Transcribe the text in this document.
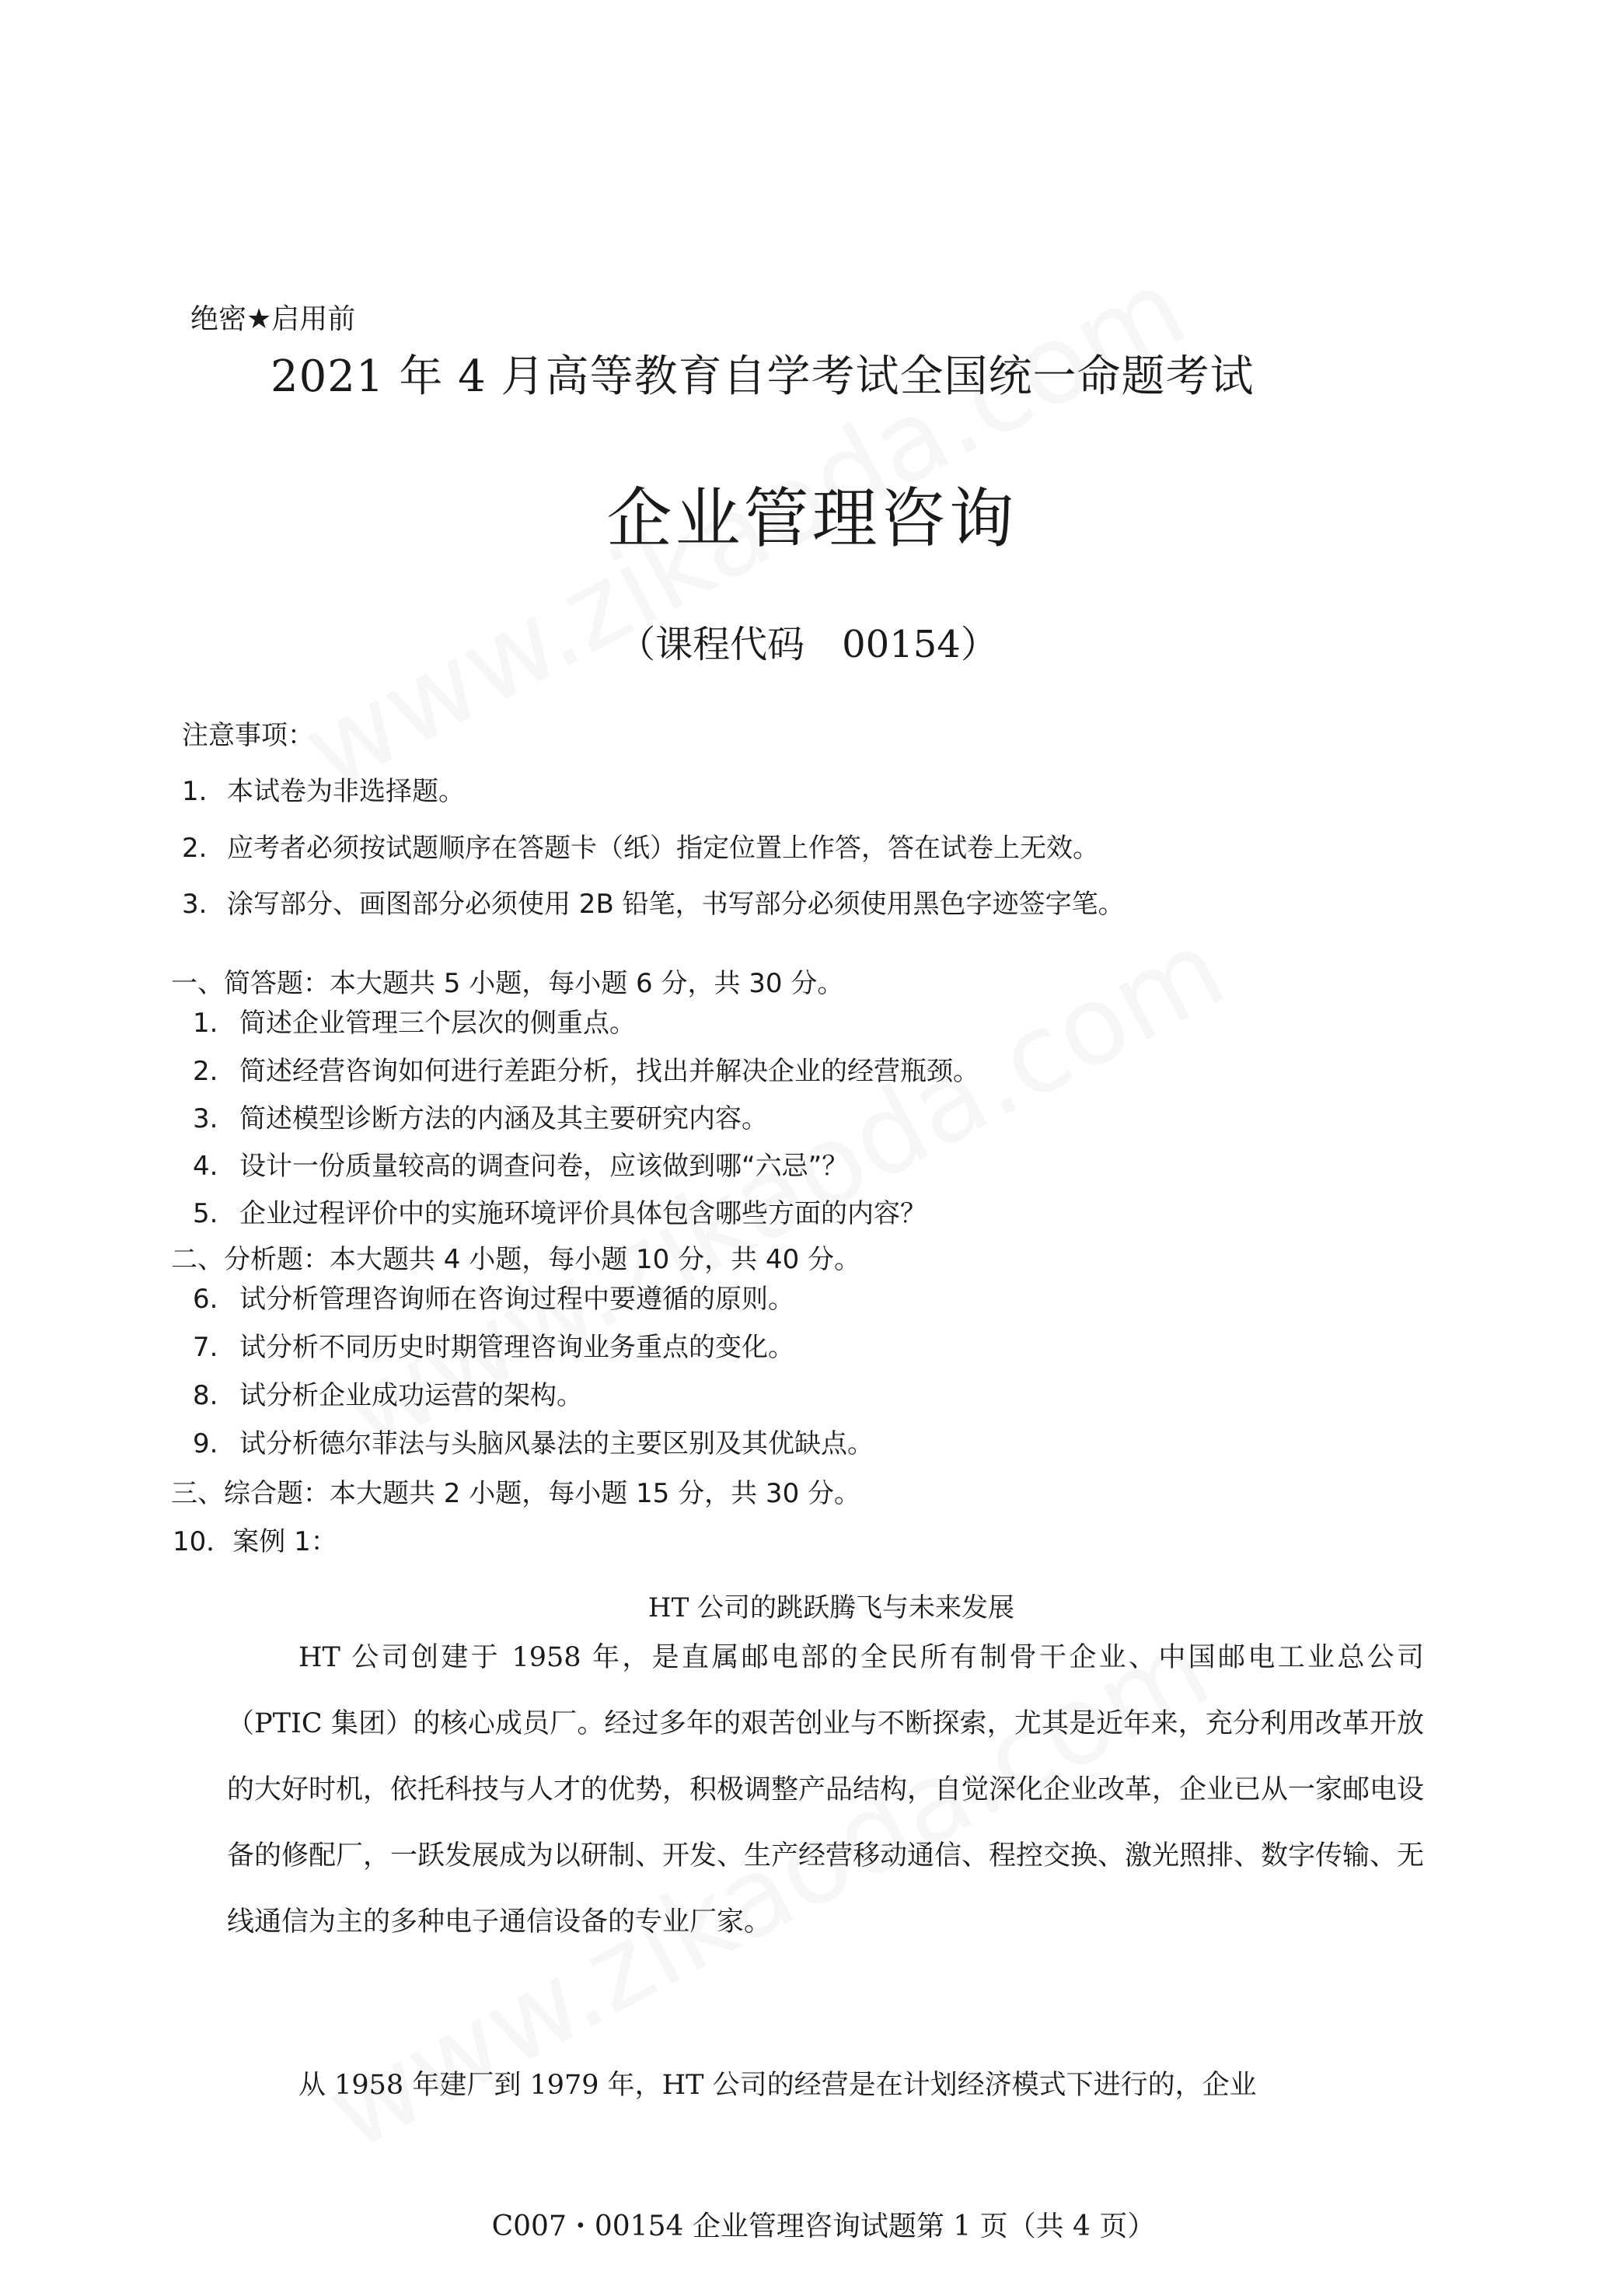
绝密★启用前
2021 年 4 月高等教育自学考试全国统一命题考试
企业管理咨询
（课程代码　00154）
注意事项：
1. 本试卷为非选择题。
2. 应考者必须按试题顺序在答题卡（纸）指定位置上作答，答在试卷上无效。
3. 涂写部分、画图部分必须使用 2B 铅笔，书写部分必须使用黑色字迹签字笔。
一、简答题：本大题共 5 小题，每小题 6 分，共 30 分。
1. 简述企业管理三个层次的侧重点。
2. 简述经营咨询如何进行差距分析，找出并解决企业的经营瓶颈。
3. 简述模型诊断方法的内涵及其主要研究内容。
4. 设计一份质量较高的调查问卷，应该做到哪“六忌”？
5. 企业过程评价中的实施环境评价具体包含哪些方面的内容？
二、分析题：本大题共 4 小题，每小题 10 分，共 40 分。
6. 试分析管理咨询师在咨询过程中要遵循的原则。
7. 试分析不同历史时期管理咨询业务重点的变化。
8. 试分析企业成功运营的架构。
9. 试分析德尔菲法与头脑风暴法的主要区别及其优缺点。
三、综合题：本大题共 2 小题，每小题 15 分，共 30 分。
10．案例 1：
HT 公司的跳跃腾飞与未来发展
HT 公司创建于 1958 年，是直属邮电部的全民所有制骨干企业、中国邮电工业总公司（PTIC 集团）的核心成员厂。经过多年的艰苦创业与不断探索，尤其是近年来，充分利用改革开放的大好时机，依托科技与人才的优势，积极调整产品结构，自觉深化企业改革，企业已从一家邮电设备的修配厂，一跃发展成为以研制、开发、生产经营移动通信、程控交换、激光照排、数字传输、无线通信为主的多种电子通信设备的专业厂家。
从 1958 年建厂到 1979 年，HT 公司的经营是在计划经济模式下进行的，企业
C007・00154 企业管理咨询试题第 1 页（共 4 页）
